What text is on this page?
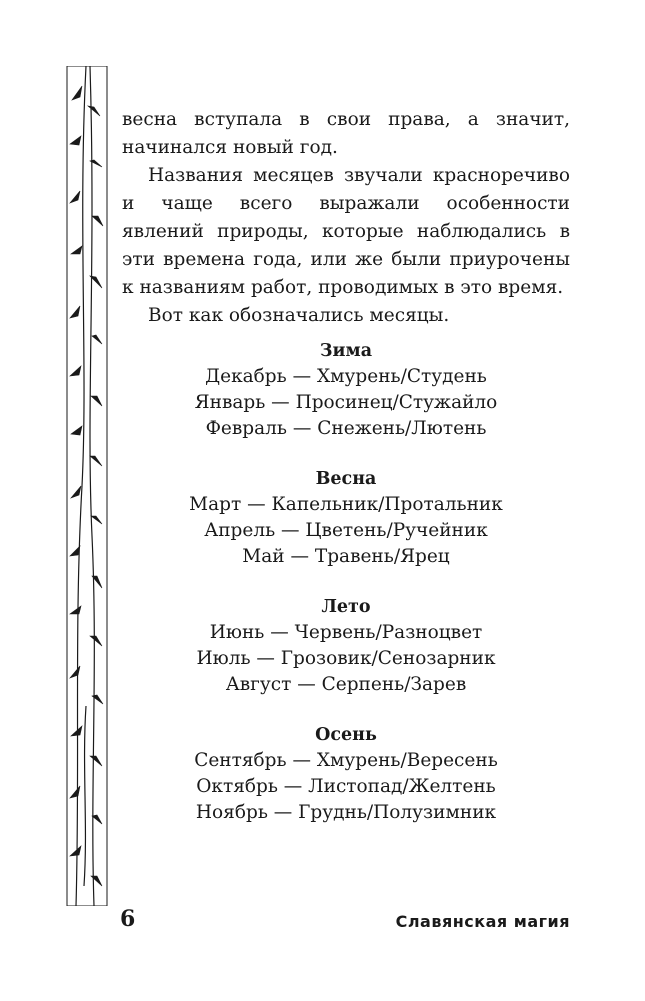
весна вступала в свои права, а значит, начинался новый год.

Названия месяцев звучали красноречиво и чаще всего выражали особенности явлений природы, которые наблюдались в эти времена года, или же были приурочены к названиям работ, проводимых в это время.

Вот как обозначались месяцы.

Зима
Декабрь — Хмурень/Студень
Январь — Просинец/Стужайло
Февраль — Снежень/Лютень
Весна
Март — Капельник/Протальник
Апрель — Цветень/Ручейник
Май — Травень/Ярец
Лето
Июнь — Червень/Разноцвет
Июль — Грозовик/Сенозарник
Август — Серпень/Зарев
Осень
Сентябрь — Хмурень/Вересень
Октябрь — Листопад/Желтень
Ноябрь — Груднь/Полузимник
6	Славянская магия
